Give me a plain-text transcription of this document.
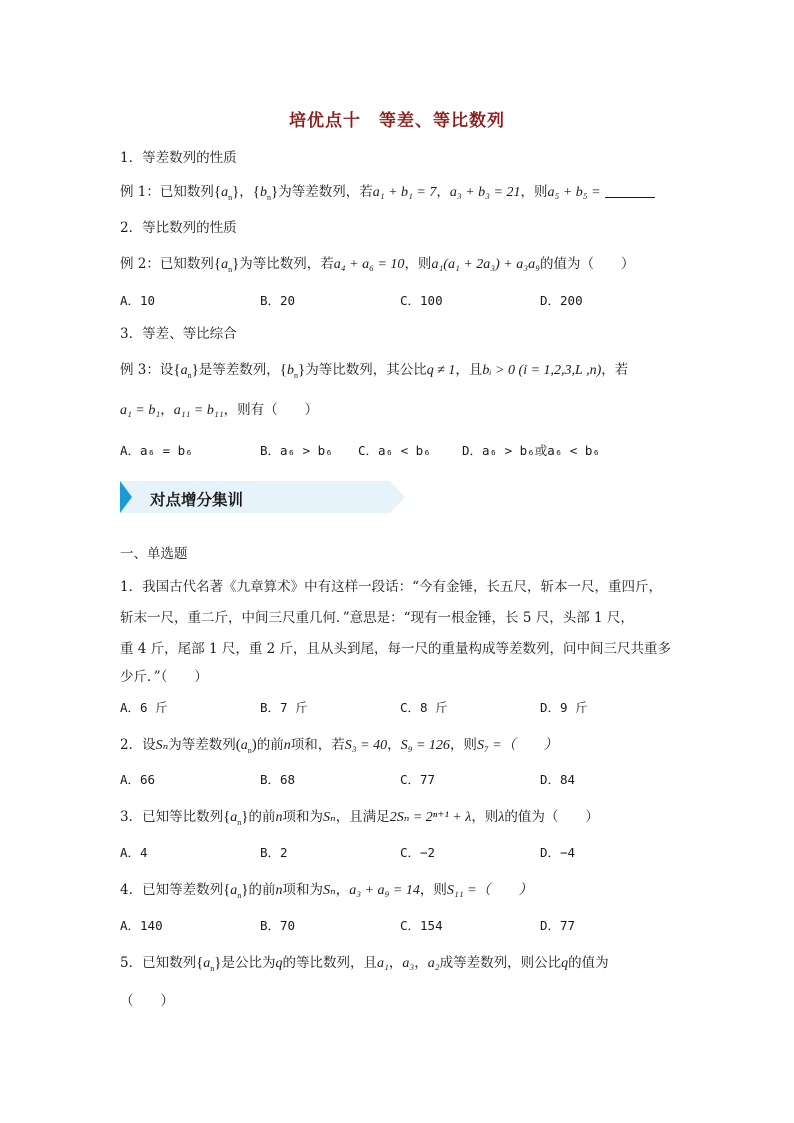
培优点十　等差、等比数列
1．等差数列的性质
例 1：已知数列$\{a_n\}$，$\{b_n\}$为等差数列，若a₁ + b₁ = 7，a₃ + b₃ = 21，则a₅ + b₅ =
2．等比数列的性质
例 2：已知数列$\{a_n\}$为等比数列，若a₄ + a₆ = 10，则a₁(a₁ + 2a₃) + a₃a₉的值为（　　）
A．10	B．20	C．100	D．200
3．等差、等比综合
例 3：设$\{a_n\}$是等差数列，$\{b_n\}$为等比数列，其公比q ≠ 1，且bᵢ > 0 (i = 1,2,3,L ,n)，若
a₁ = b₁，a₁₁ = b₁₁，则有（　　）
A．a₆ = b₆	B．a₆ > b₆ C．a₆ < b₆	D．a₆ > b₆或a₆ < b₆
对点增分集训
一、单选题
1．我国古代名著《九章算术》中有这样一段话：“今有金锤，长五尺，斩本一尺，重四斤，
斩末一尺，重二斤，中间三尺重几何．”意思是：“现有一根金锤，长 5 尺，头部 1 尺，
重 4 斤，尾部 1 尺，重 2 斤，且从头到尾，每一尺的重量构成等差数列，问中间三尺共重多
少斤．”（　　）
A．6 斤	B．7 斤	C．8 斤	D．9 斤
2．设Sₙ为等差数列$(a_n)$的前n项和，若S₃ = 40，S₉ = 126，则S₇ =（　　）
A．66	B．68	C．77	D．84
3．已知等比数列$\{a_n\}$的前n项和为Sₙ，且满足2Sₙ = 2ⁿ⁺¹ + λ，则λ的值为（　　）
A．4	B．2	C．−2	D．−4
4．已知等差数列$\{a_n\}$的前n项和为Sₙ，a₃ + a₉ = 14，则S₁₁ =（　　）
A．140	B．70	C．154	D．77
5．已知数列$\{a_n\}$是公比为q的等比数列，且a₁，a₃，a₂成等差数列，则公比q的值为
（　　）
